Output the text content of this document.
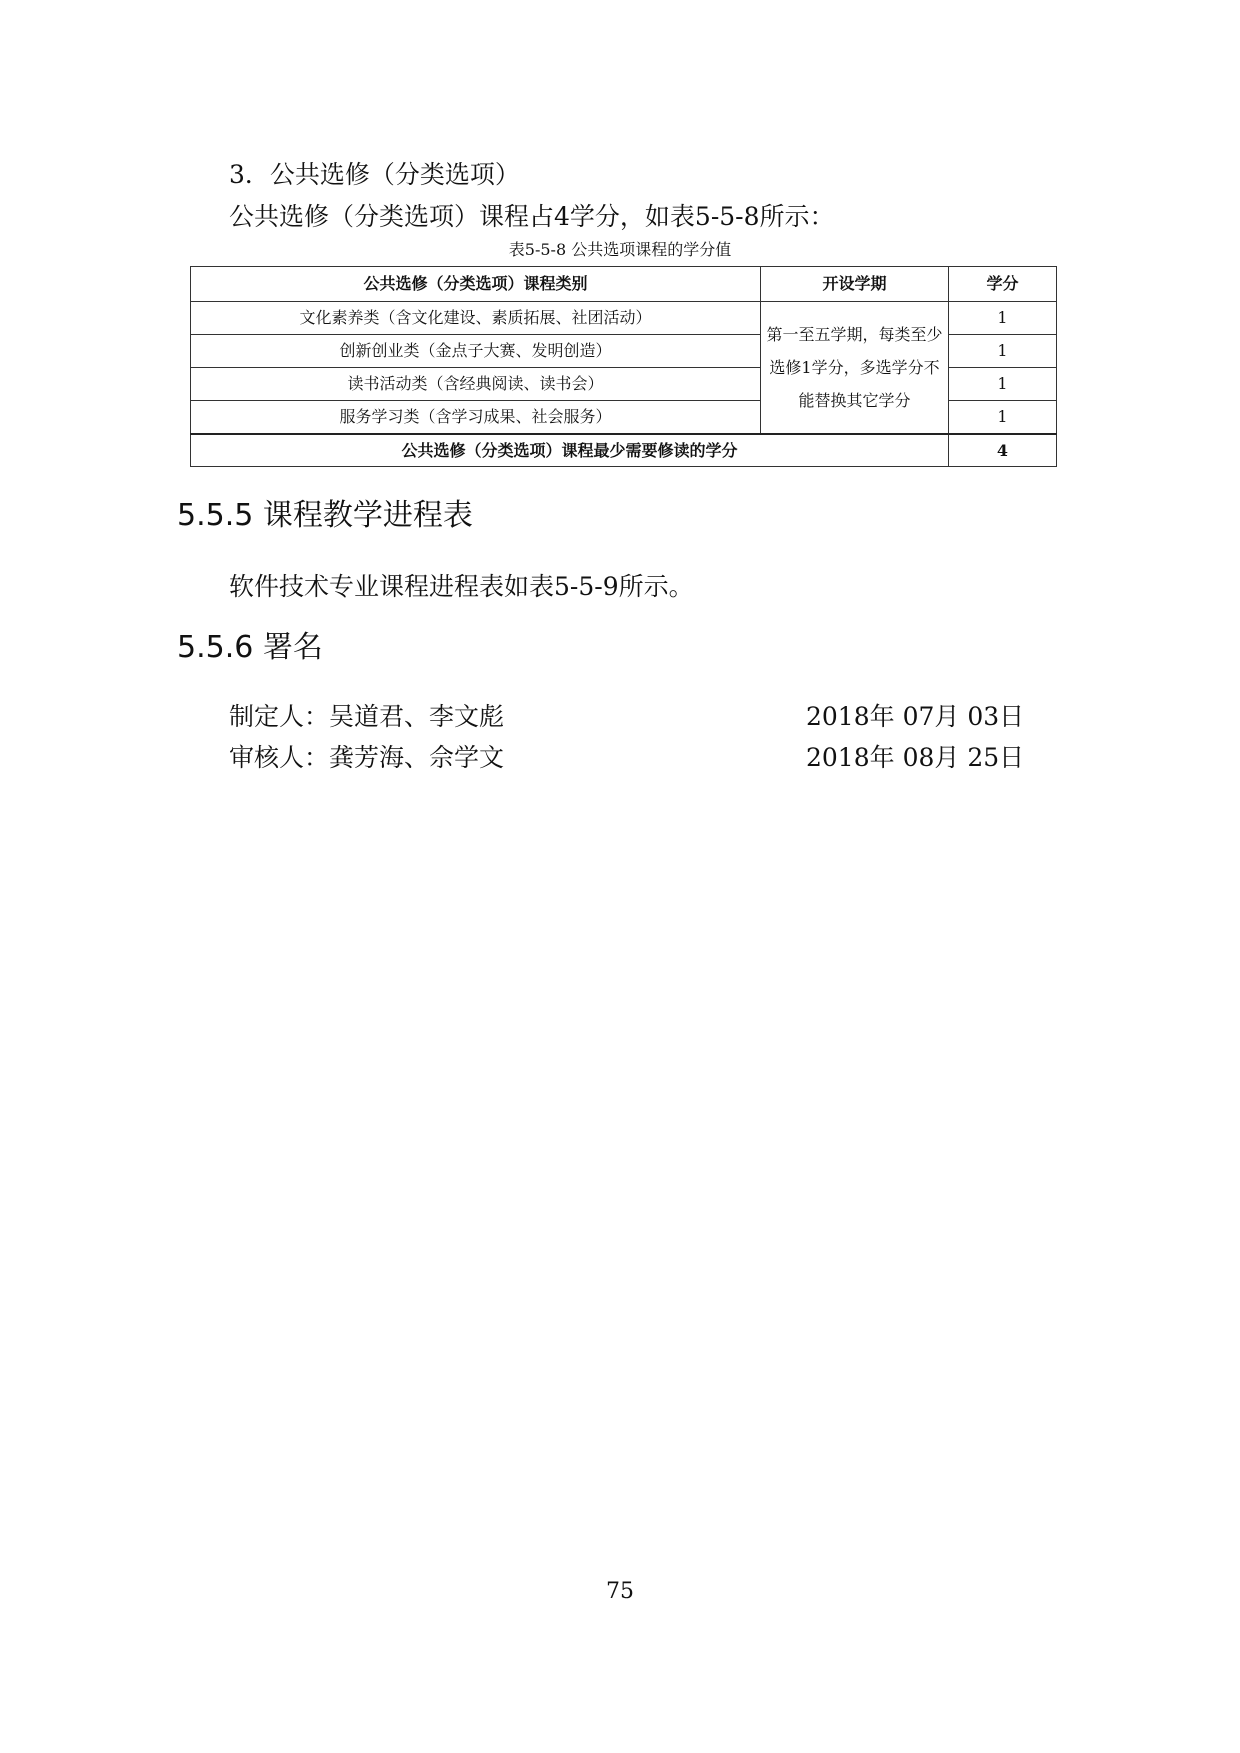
3．公共选修（分类选项）
公共选修（分类选项）课程占4学分，如表5-5-8所示：
表5-5-8 公共选项课程的学分值
公共选修（分类选项）课程类别	开设学期	学分
文化素养类（含文化建设、素质拓展、社团活动）	第一至五学期，每类至少选修1学分，多选学分不能替换其它学分	1
创新创业类（金点子大赛、发明创造）		1
读书活动类（含经典阅读、读书会）		1
服务学习类（含学习成果、社会服务）		1
公共选修（分类选项）课程最少需要修读的学分		4
5.5.5 课程教学进程表
软件技术专业课程进程表如表5-5-9所示。
5.5.6 署名
制定人：吴道君、李文彪	2018年 07月 03日
审核人：龚芳海、佘学文	2018年 08月 25日
75
